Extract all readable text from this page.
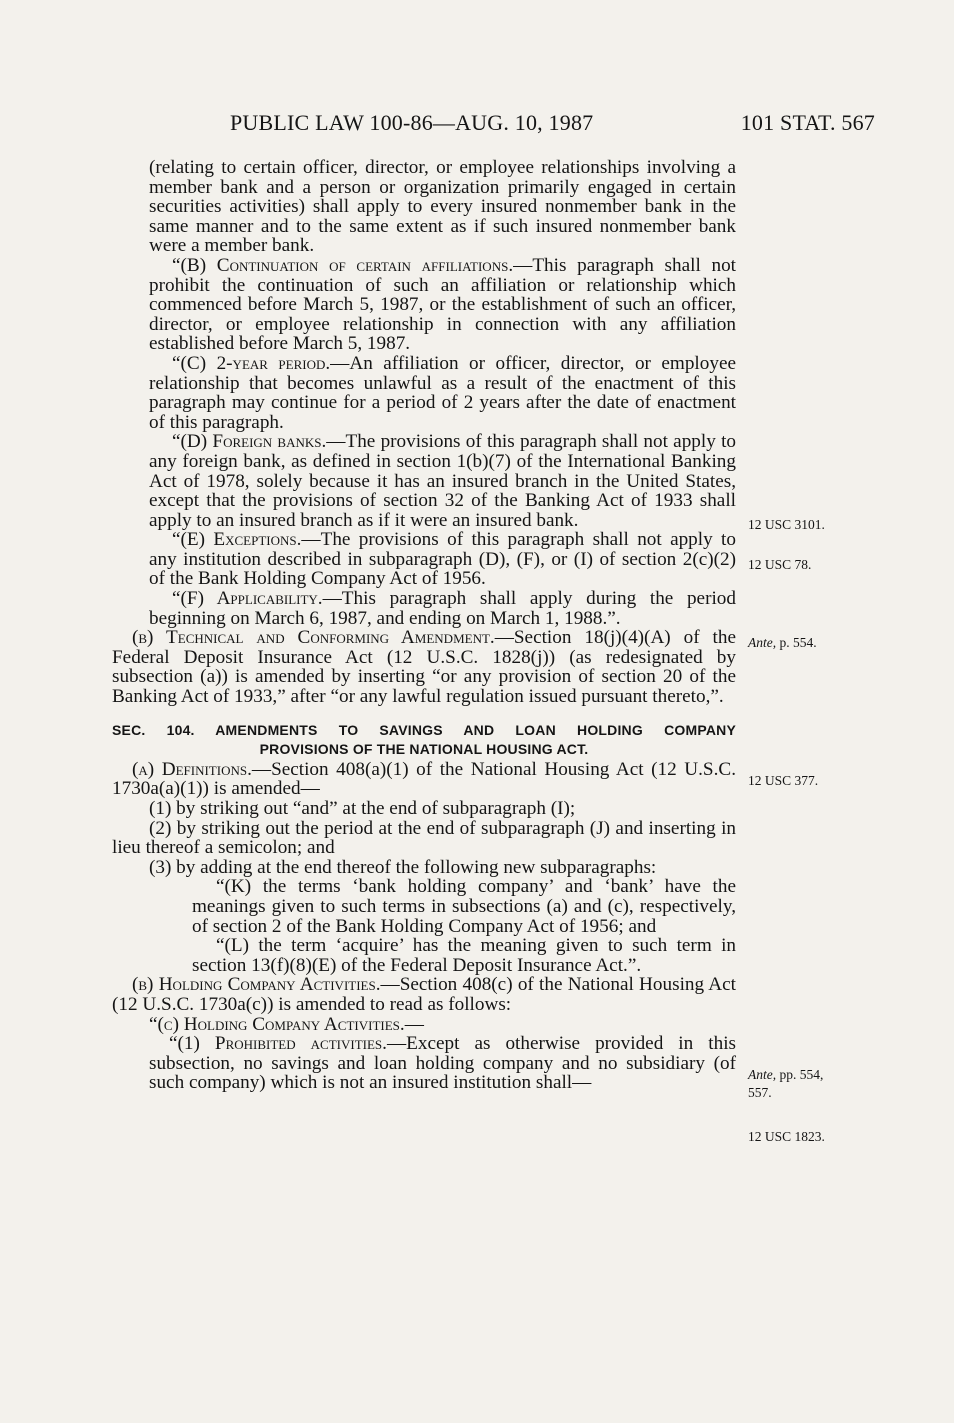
PUBLIC LAW 100-86—AUG. 10, 1987	101 STAT. 567

(relating to certain officer, director, or employee relationships involving a member bank and a person or organization primarily engaged in certain securities activities) shall apply to every insured nonmember bank in the same manner and to the same extent as if such insured nonmember bank were a member bank.

“(B) Continuation of certain affiliations.—This paragraph shall not prohibit the continuation of such an affiliation or relationship which commenced before March 5, 1987, or the establishment of such an officer, director, or employee relationship in connection with any affiliation established before March 5, 1987.

“(C) 2-year period.—An affiliation or officer, director, or employee relationship that becomes unlawful as a result of the enactment of this paragraph may continue for a period of 2 years after the date of enactment of this paragraph.

“(D) Foreign banks.—The provisions of this paragraph shall not apply to any foreign bank, as defined in section 1(b)(7) of the International Banking Act of 1978, solely because it has an insured branch in the United States, except that the provisions of section 32 of the Banking Act of 1933 shall apply to an insured branch as if it were an insured bank.

“(E) Exceptions.—The provisions of this paragraph shall not apply to any institution described in subparagraph (D), (F), or (I) of section 2(c)(2) of the Bank Holding Company Act of 1956.

“(F) Applicability.—This paragraph shall apply during the period beginning on March 6, 1987, and ending on March 1, 1988.”.

(b) Technical and Conforming Amendment.—Section 18(j)(4)(A) of the Federal Deposit Insurance Act (12 U.S.C. 1828(j)) (as redesignated by subsection (a)) is amended by inserting “or any provision of section 20 of the Banking Act of 1933,” after “or any lawful regulation issued pursuant thereto,”.

SEC. 104. AMENDMENTS TO SAVINGS AND LOAN HOLDING COMPANY
PROVISIONS OF THE NATIONAL HOUSING ACT.

(a) Definitions.—Section 408(a)(1) of the National Housing Act (12 U.S.C. 1730a(a)(1)) is amended—

(1) by striking out “and” at the end of subparagraph (I);

(2) by striking out the period at the end of subparagraph (J) and inserting in lieu thereof a semicolon; and

(3) by adding at the end thereof the following new subparagraphs:

“(K) the terms ‘bank holding company’ and ‘bank’ have the meanings given to such terms in subsections (a) and (c), respectively, of section 2 of the Bank Holding Company Act of 1956; and

“(L) the term ‘acquire’ has the meaning given to such term in section 13(f)(8)(E) of the Federal Deposit Insurance Act.”.

(b) Holding Company Activities.—Section 408(c) of the National Housing Act (12 U.S.C. 1730a(c)) is amended to read as follows:

“(c) Holding Company Activities.—

“(1) Prohibited activities.—Except as otherwise provided in this subsection, no savings and loan holding company and no subsidiary (of such company) which is not an insured institution shall—

12 USC 3101.
12 USC 78.
Ante, p. 554.
12 USC 377.
Ante, pp. 554,
557.
12 USC 1823.
